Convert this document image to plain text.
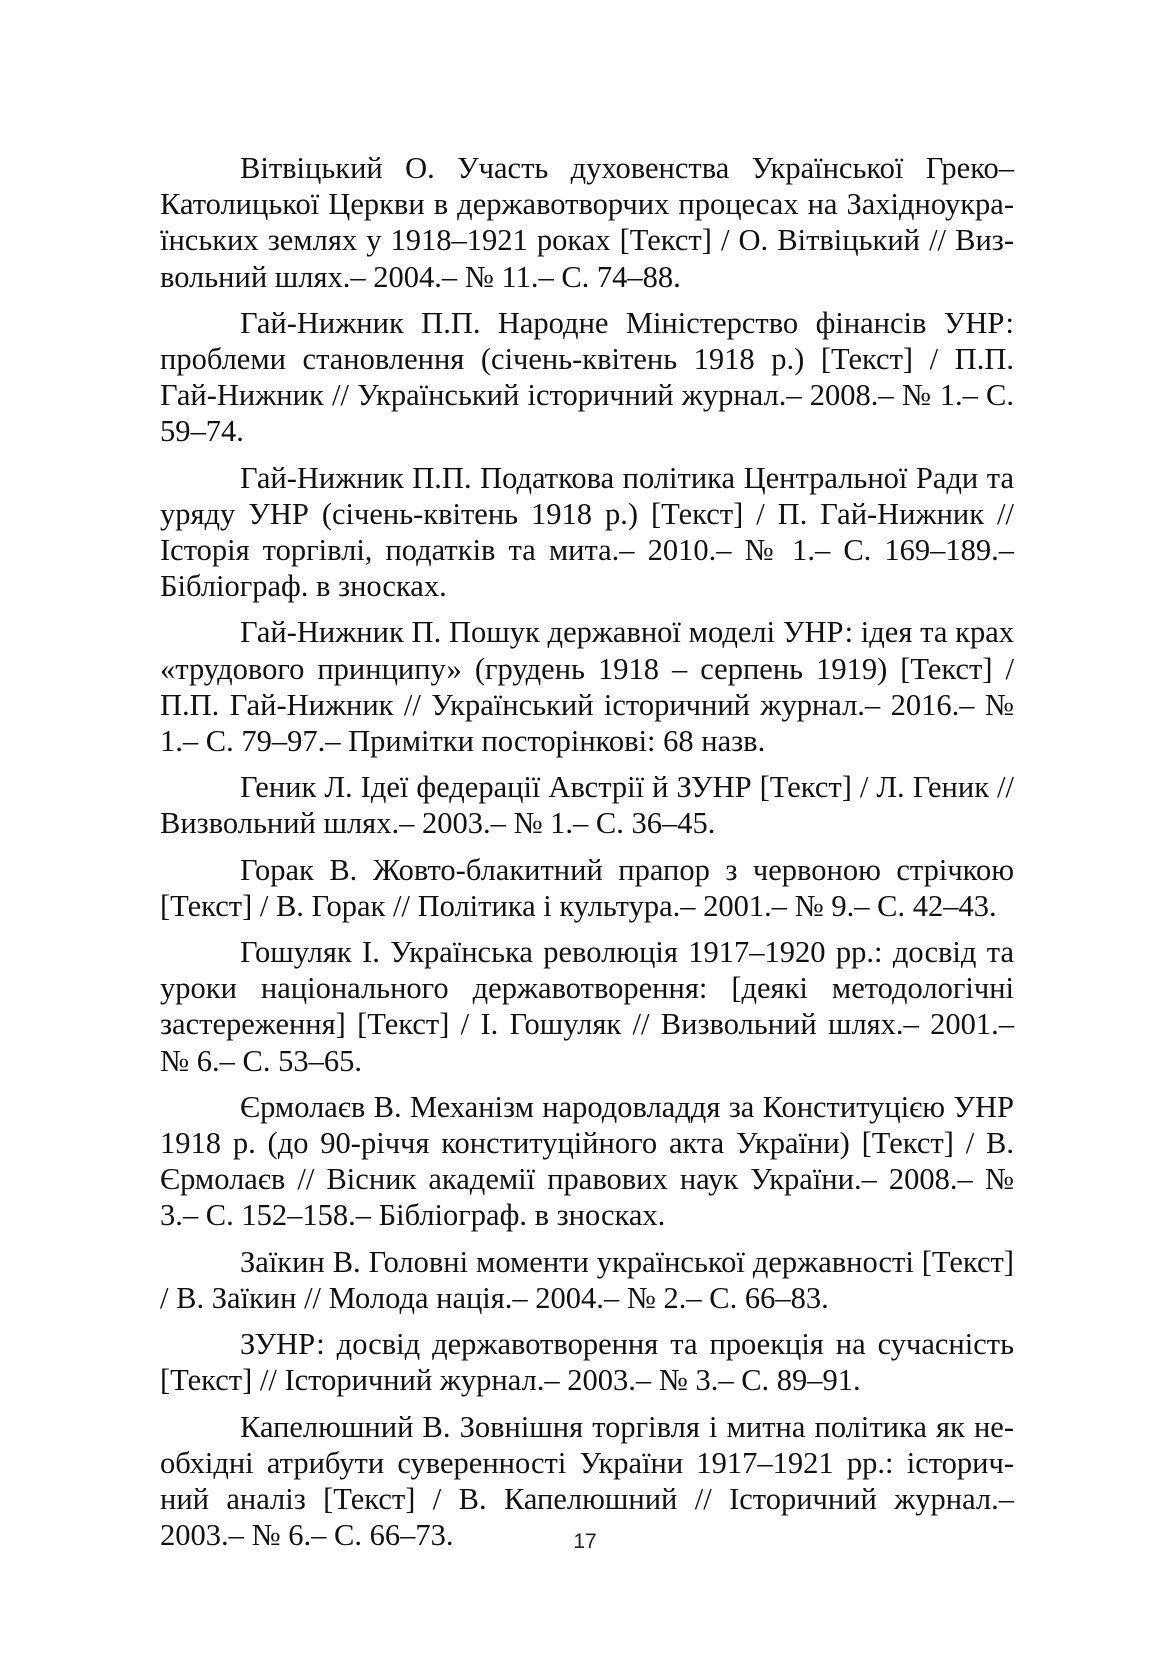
Вітвіцький О. Участь духовенства Української Греко–Католицької Церкви в державотворчих процесах на Західноукраїнських землях у 1918–1921 роках [Текст] / О. Вітвіцький // Визвольний шлях.– 2004.– № 11.– С. 74–88.

Гай-Нижник П.П. Народне Міністерство фінансів УНР: проблеми становлення (січень-квітень 1918 р.) [Текст] / П.П. Гай-Нижник // Український історичний журнал.– 2008.– № 1.– С. 59–74.

Гай-Нижник П.П. Податкова політика Центральної Ради та уряду УНР (січень-квітень 1918 р.) [Текст] / П. Гай-Нижник // Історія торгівлі, податків та мита.– 2010.– № 1.– С. 169–189.– Бібліограф. в зносках.

Гай-Нижник П. Пошук державної моделі УНР: ідея та крах «трудового принципу» (грудень 1918 – серпень 1919) [Текст] / П.П. Гай-Нижник // Український історичний журнал.– 2016.– № 1.– С. 79–97.– Примітки посторінкові: 68 назв.

Геник Л. Ідеї федерації Австрії й ЗУНР [Текст] / Л. Геник // Визвольний шлях.– 2003.– № 1.– С. 36–45.

Горак В. Жовто-блакитний прапор з червоною стрічкою [Текст] / В. Горак // Політика і культура.– 2001.– № 9.– С. 42–43.

Гошуляк І. Українська революція 1917–1920 рр.: досвід та уроки національного державотворення: [деякі методологічні застереження] [Текст] / І. Гошуляк // Визвольний шлях.– 2001.– № 6.– С. 53–65.

Єрмолаєв В. Механізм народовладдя за Конституцією УНР 1918 р. (до 90-річчя конституційного акта України) [Текст] / В. Єрмолаєв // Вісник академії правових наук України.– 2008.– № 3.– С. 152–158.– Бібліограф. в зносках.

Заїкин В. Головні моменти української державності [Текст] / В. Заїкин // Молода нація.– 2004.– № 2.– С. 66–83.

ЗУНР: досвід державотворення та проекція на сучасність [Текст] // Історичний журнал.– 2003.– № 3.– С. 89–91.

Капелюшний В. Зовнішня торгівля і митна політика як необхідні атрибути суверенності України 1917–1921 рр.: історичний аналіз [Текст] / В. Капелюшний // Історичний журнал.– 2003.– № 6.– С. 66–73.	17
